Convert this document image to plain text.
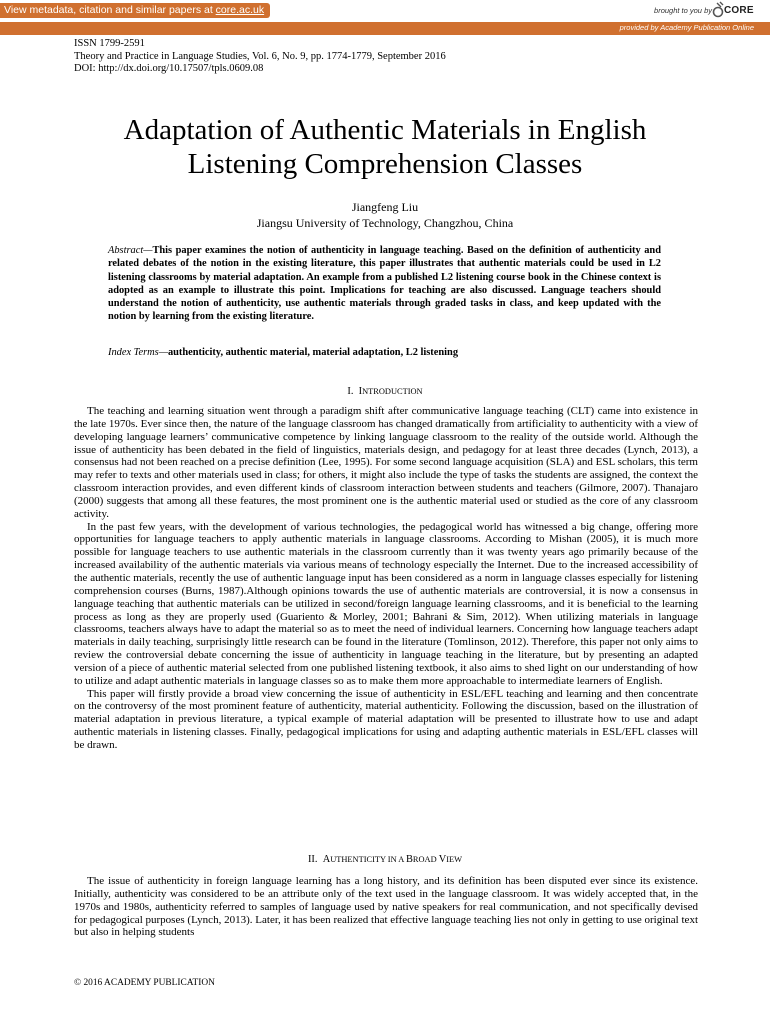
View metadata, citation and similar papers at core.ac.uk	brought to you by CORE
provided by Academy Publication Online
ISSN 1799-2591
Theory and Practice in Language Studies, Vol. 6, No. 9, pp. 1774-1779, September 2016
DOI: http://dx.doi.org/10.17507/tpls.0609.08
Adaptation of Authentic Materials in English
Listening Comprehension Classes
Jiangfeng Liu
Jiangsu University of Technology, Changzhou, China

Abstract—This paper examines the notion of authenticity in language teaching. Based on the definition of authenticity and related debates of the notion in the existing literature, this paper illustrates that authentic materials could be used in L2 listening classrooms by material adaptation. An example from a published L2 listening course book in the Chinese context is adopted as an example to illustrate this point. Implications for teaching are also discussed. Language teachers should understand the notion of authenticity, use authentic materials through graded tasks in class, and keep updated with the notion by learning from the existing literature.

Index Terms—authenticity, authentic material, material adaptation, L2 listening

I. INTRODUCTION

The teaching and learning situation went through a paradigm shift after communicative language teaching (CLT) came into existence in the late 1970s. Ever since then, the nature of the language classroom has changed dramatically from artificiality to authenticity with a view of developing language learners’ communicative competence by linking language classroom to the reality of the outside world. Although the issue of authenticity has been debated in the field of linguistics, materials design, and pedagogy for at least three decades (Lynch, 2013), a consensus had not been reached on a precise definition (Lee, 1995). For some second language acquisition (SLA) and ESL scholars, this term may refer to texts and other materials used in class; for others, it might also include the type of tasks the students are assigned, the context the classroom interaction provides, and even different kinds of classroom interaction between students and teachers (Gilmore, 2007). Thanajaro (2000) suggests that among all these features, the most prominent one is the authentic material used or studied as the core of any classroom activity.

In the past few years, with the development of various technologies, the pedagogical world has witnessed a big change, offering more opportunities for language teachers to apply authentic materials in language classrooms. According to Mishan (2005), it is much more possible for language teachers to use authentic materials in the classroom currently than it was twenty years ago primarily because of the increased availability of the authentic materials via various means of technology especially the Internet. Due to the increased accessibility of the authentic materials, recently the use of authentic language input has been considered as a norm in language classes especially for listening comprehension courses (Burns, 1987).Although opinions towards the use of authentic materials are controversial, it is now a consensus in language teaching that authentic materials can be utilized in second/foreign language learning classrooms, and it is beneficial to the learning process as long as they are properly used (Guariento & Morley, 2001; Bahrani & Sim, 2012). When utilizing materials in language classrooms, teachers always have to adapt the material so as to meet the need of individual learners. Concerning how language teachers adapt materials in daily teaching, surprisingly little research can be found in the literature (Tomlinson, 2012). Therefore, this paper not only aims to review the controversial debate concerning the issue of authenticity in language teaching in the literature, but by presenting an adapted version of a piece of authentic material selected from one published listening textbook, it also aims to shed light on our understanding of how to utilize and adapt authentic materials in language classes so as to make them more approachable to intermediate learners of English.

This paper will firstly provide a broad view concerning the issue of authenticity in ESL/EFL teaching and learning and then concentrate on the controversy of the most prominent feature of authenticity, material authenticity. Following the discussion, based on the illustration of material adaptation in previous literature, a typical example of material adaptation will be presented to illustrate how to use and adapt authentic materials in listening classes. Finally, pedagogical implications for using and adapting authentic materials in ESL/EFL classes will be drawn.

II. AUTHENTICITY IN A BROAD VIEW

The issue of authenticity in foreign language learning has a long history, and its definition has been disputed ever since its existence. Initially, authenticity was considered to be an attribute only of the text used in the language classroom. It was widely accepted that, in the 1970s and 1980s, authenticity referred to samples of language used by native speakers for real communication, and not specifically devised for pedagogical purposes (Lynch, 2013). Later, it has been realized that effective language teaching lies not only in getting to use original text but also in helping students

© 2016 ACADEMY PUBLICATION
